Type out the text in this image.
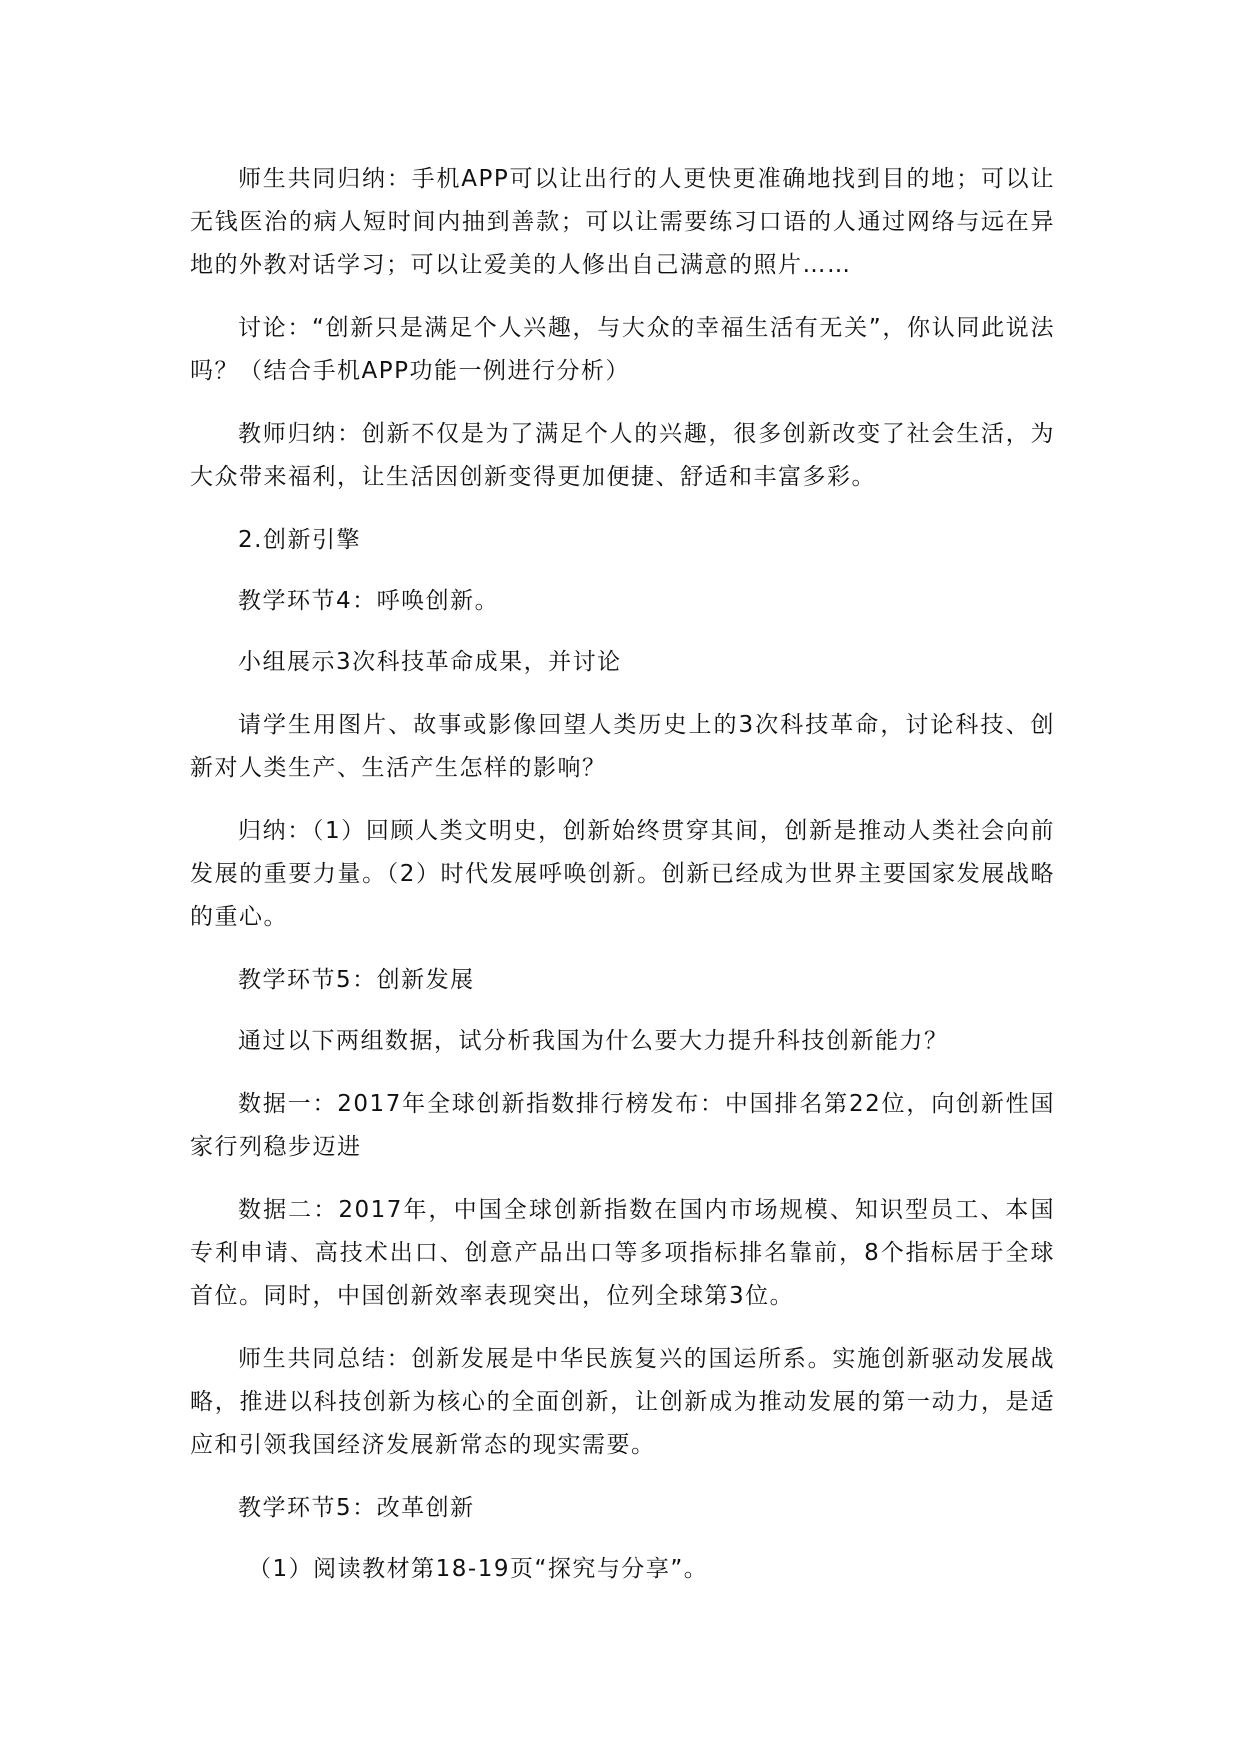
师生共同归纳：手机APP可以让出行的人更快更准确地找到目的地；可以让无钱医治的病人短时间内抽到善款；可以让需要练习口语的人通过网络与远在异地的外教对话学习；可以让爱美的人修出自己满意的照片……

讨论：“创新只是满足个人兴趣，与大众的幸福生活有无关”，你认同此说法吗？（结合手机APP功能一例进行分析）

教师归纳：创新不仅是为了满足个人的兴趣，很多创新改变了社会生活，为大众带来福利，让生活因创新变得更加便捷、舒适和丰富多彩。

2.创新引擎

教学环节4：呼唤创新。

小组展示3次科技革命成果，并讨论

请学生用图片、故事或影像回望人类历史上的3次科技革命，讨论科技、创新对人类生产、生活产生怎样的影响？

归纳：（1）回顾人类文明史，创新始终贯穿其间，创新是推动人类社会向前发展的重要力量。（2）时代发展呼唤创新。创新已经成为世界主要国家发展战略的重心。

教学环节5：创新发展

通过以下两组数据，试分析我国为什么要大力提升科技创新能力？

数据一：2017年全球创新指数排行榜发布：中国排名第22位，向创新性国家行列稳步迈进

数据二：2017年，中国全球创新指数在国内市场规模、知识型员工、本国专利申请、高技术出口、创意产品出口等多项指标排名靠前，8个指标居于全球首位。同时，中国创新效率表现突出，位列全球第3位。

师生共同总结：创新发展是中华民族复兴的国运所系。实施创新驱动发展战略，推进以科技创新为核心的全面创新，让创新成为推动发展的第一动力，是适应和引领我国经济发展新常态的现实需要。

教学环节5：改革创新

（1）阅读教材第18-19页“探究与分享”。
